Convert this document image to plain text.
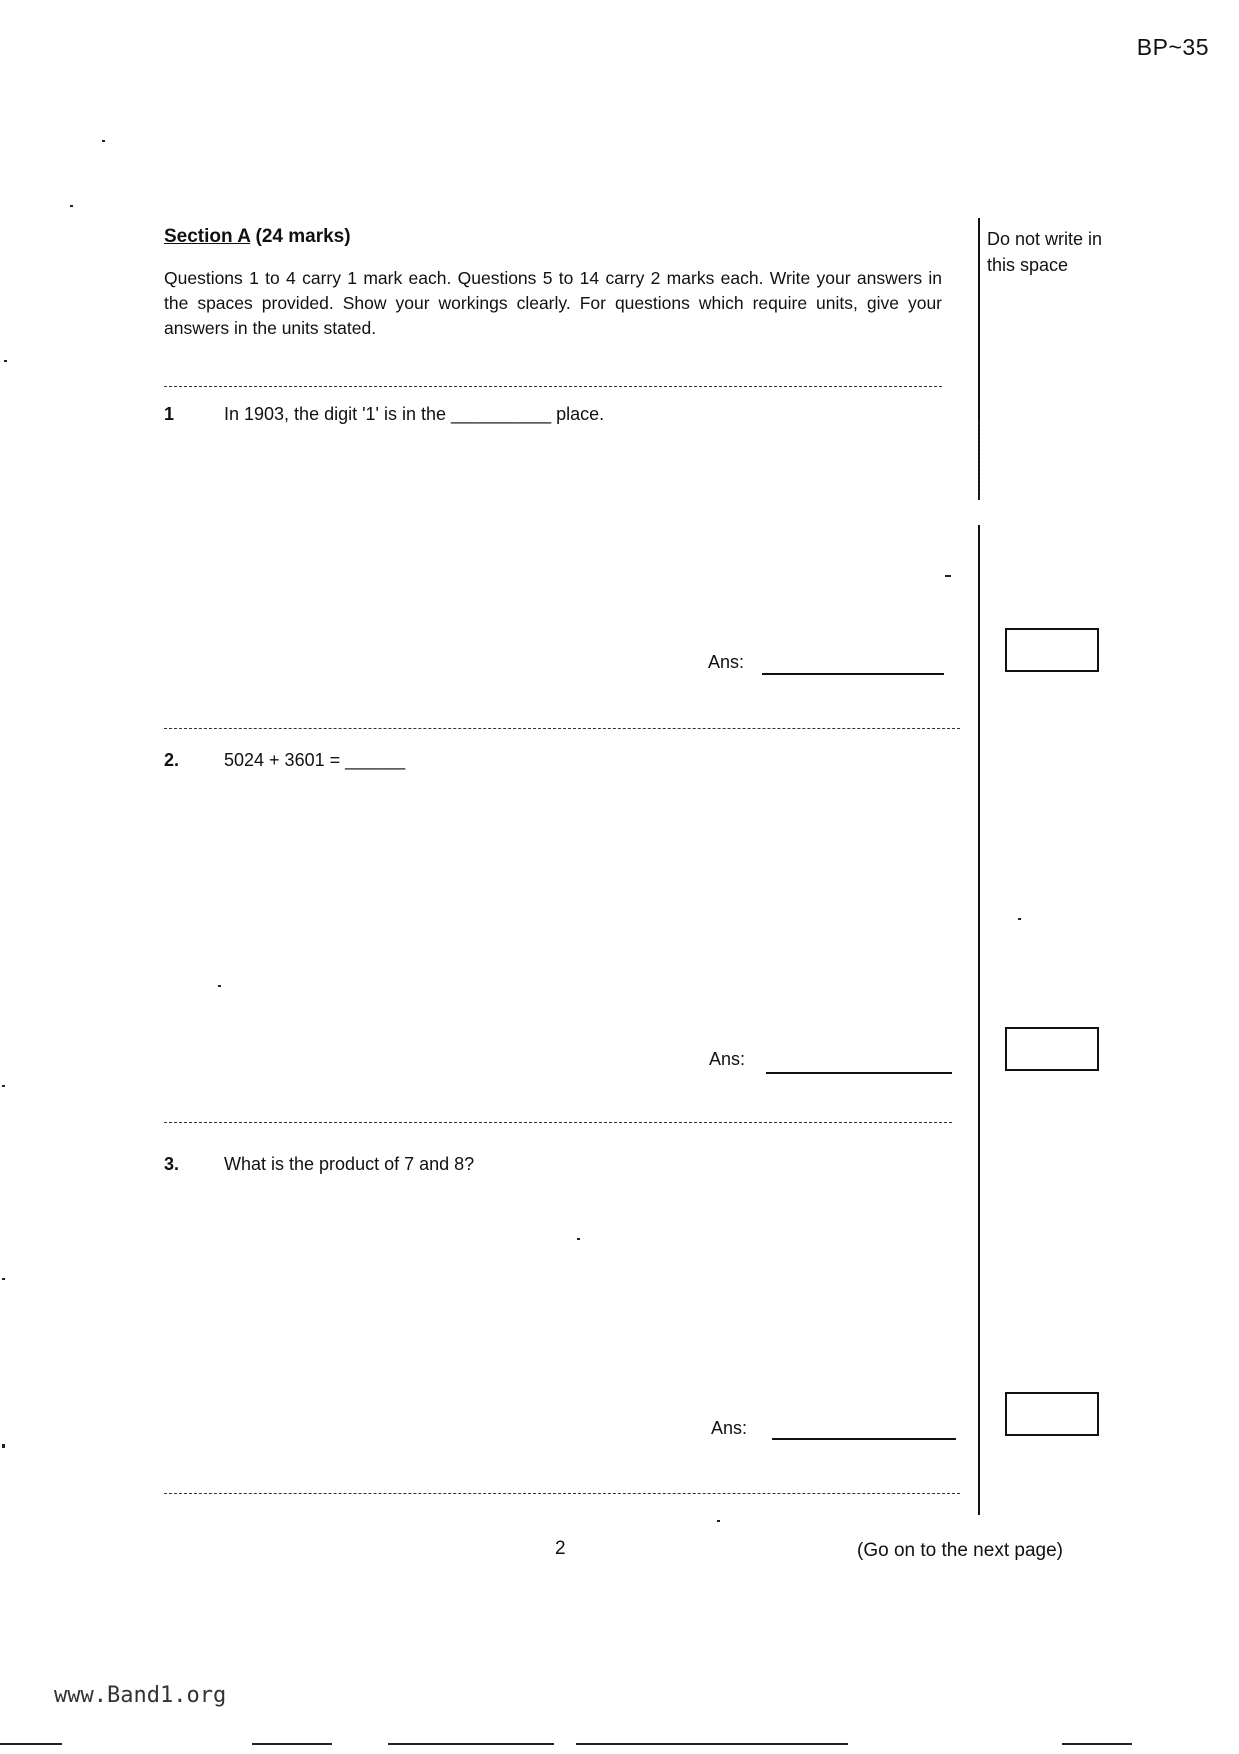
BP~35
Section A (24 marks)

Questions 1 to 4 carry 1 mark each. Questions 5 to 14 carry 2 marks each. Write your answers in the spaces provided. Show your workings clearly. For questions which require units, give your answers in the units stated.

Do not write in this space
1	In 1903, the digit '1' is in the __________ place.
Ans:
2. 5024 + 3601 = ______
Ans:
3. What is the product of 7 and 8?
Ans:
2	(Go on to the next page)
www.Band1.org
